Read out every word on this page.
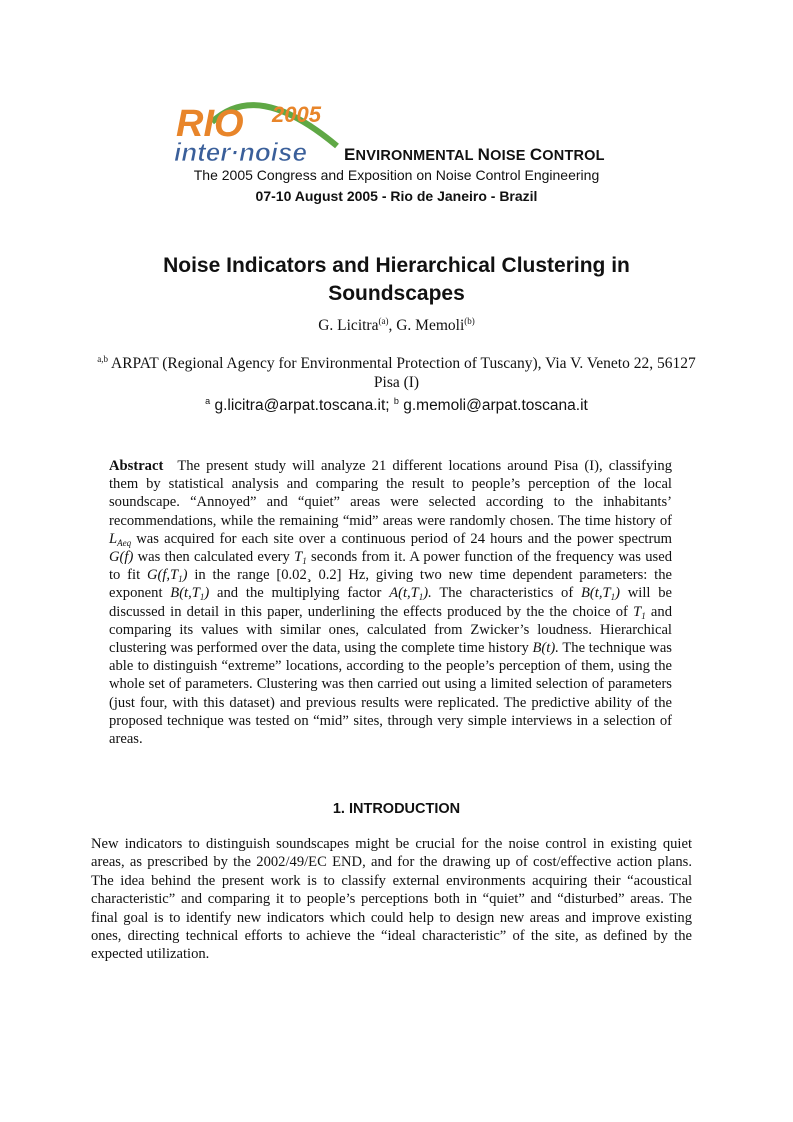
RIO 2005
inter·noise ENVIRONMENTAL NOISE CONTROL
The 2005 Congress and Exposition on Noise Control Engineering
07-10 August 2005 - Rio de Janeiro - Brazil
Noise Indicators and Hierarchical Clustering in
Soundscapes
G. Licitra$^{(a)}$, G. Memoli$^{(b)}$
$^{a,b}$ ARPAT (Regional Agency for Environmental Protection of Tuscany), Via V. Veneto 22, 56127 Pisa (I)
$^a$ g.licitra@arpat.toscana.it; $^b$ g.memoli@arpat.toscana.it
Abstract The present study will analyze 21 different locations around Pisa (I), classifying them by statistical analysis and comparing the result to people’s perception of the local soundscape. “Annoyed” and “quiet” areas were selected according to the inhabitants’ recommendations, while the remaining “mid” areas were randomly chosen. The time history of $L_{Aeq}$ was acquired for each site over a continuous period of 24 hours and the power spectrum G(f) was then calculated every $T_1$ seconds from it. A power function of the frequency was used to fit $G(f,T_1)$ in the range [0.02¸ 0.2] Hz, giving two new time dependent parameters: the exponent $B(t,T_1)$ and the multiplying factor $A(t,T_1)$. The characteristics of $B(t,T_1)$ will be discussed in detail in this paper, underlining the effects produced by the the choice of $T_1$ and comparing its values with similar ones, calculated from Zwicker’s loudness. Hierarchical clustering was performed over the data, using the complete time history B(t). The technique was able to distinguish “extreme” locations, according to the people’s perception of them, using the whole set of parameters. Clustering was then carried out using a limited selection of parameters (just four, with this dataset) and previous results were replicated. The predictive ability of the proposed technique was tested on “mid” sites, through very simple interviews in a selection of areas.
1. INTRODUCTION
New indicators to distinguish soundscapes might be crucial for the noise control in existing quiet areas, as prescribed by the 2002/49/EC END, and for the drawing up of cost/effective action plans. The idea behind the present work is to classify external environments acquiring their “acoustical characteristic” and comparing it to people’s perceptions both in “quiet” and “disturbed” areas. The final goal is to identify new indicators which could help to design new areas and improve existing ones, directing technical efforts to achieve the “ideal characteristic” of the site, as defined by the expected utilization.
